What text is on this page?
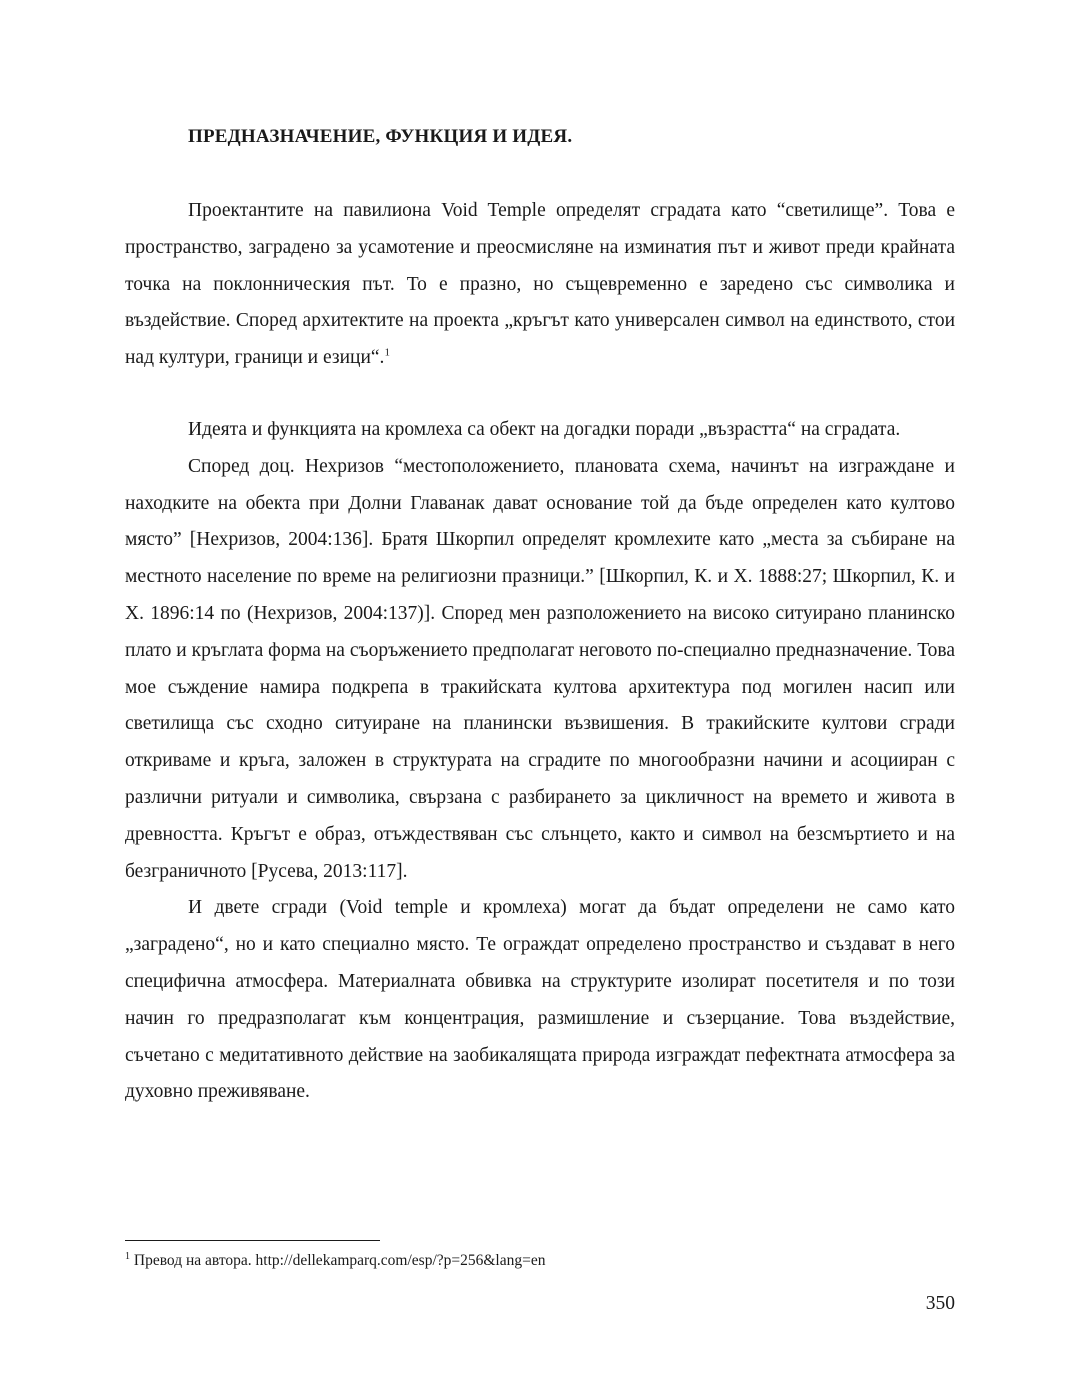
ПРЕДНАЗНАЧЕНИЕ, ФУНКЦИЯ И ИДЕЯ.

Проектантите на павилиона Void Temple определят сградата като “светилище”. Това е пространство, заградено за усамотение и преосмисляне на изминатия път и живот преди крайната точка на поклонническия път. То е празно, но същевременно е заредено със символика и въздействие. Според архитектите на проекта „кръгът като универсален символ на единството, стои над култури, граници и езици“.$^1$

Идеята и функцията на кромлеха са обект на догадки поради „възрастта“ на сградата.

Според доц. Нехризов “местоположението, плановата схема, начинът на изграждане и находките на обекта при Долни Главанак дават основание той да бъде определен като култово място” [Нехризов, 2004:136]. Братя Шкорпил определят кромлехите като „места за събиране на местното население по време на религиозни празници.” [Шкорпил, К. и Х. 1888:27; Шкорпил, К. и Х. 1896:14 по (Нехризов, 2004:137)]. Според мен разположението на високо ситуирано планинско плато и кръглата форма на съоръжението предполагат неговото по-специално предназначение. Това мое съждение намира подкрепа в тракийската култова архитектура под могилен насип или светилища със сходно ситуиране на планински възвишения. В тракийските култови сгради откриваме и кръга, заложен в структурата на сградите по многообразни начини и асоцииран с различни ритуали и символика, свързана с разбирането за цикличност на времето и живота в древността. Кръгът е образ, отъждествяван със слънцето, както и символ на безсмъртието и на безграничното [Русева, 2013:117].

И двете сгради (Void temple и кромлеха) могат да бъдат определени не само като „заградено“, но и като специално място. Те ограждат определено пространство и създават в него специфична атмосфера. Материалната обвивка на структурите изолират посетителя и по този начин го предразполагат към концентрация, размишление и съзерцание. Това въздействие, съчетано с медитативното действие на заобикалящата природа изграждат пефектната атмосфера за духовно преживяване.

$^1$ Превод на автора. http://dellekamparq.com/esp/?p=256&lang=en
350
